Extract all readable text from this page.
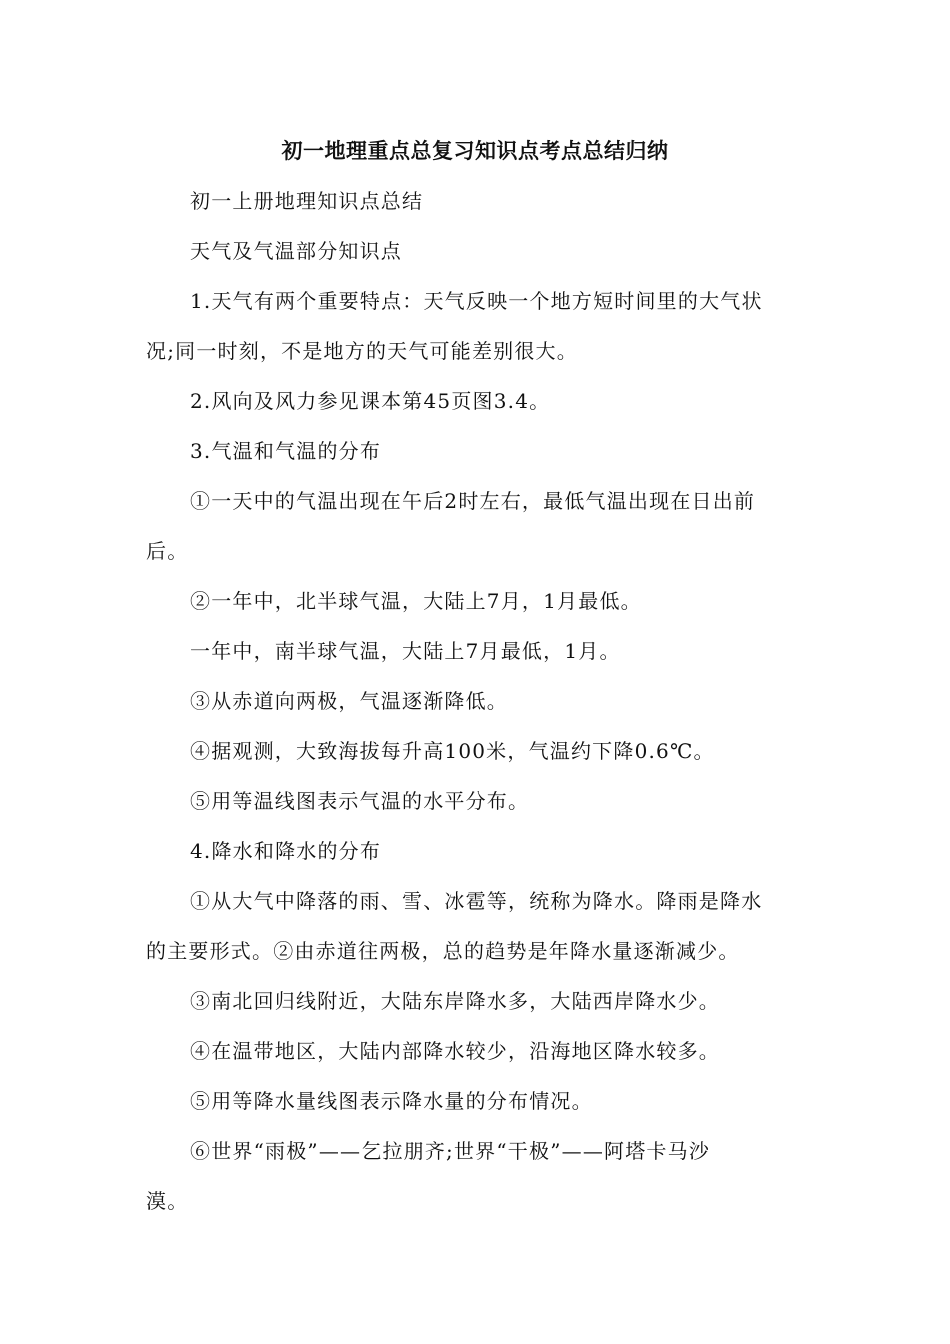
初一地理重点总复习知识点考点总结归纳
初一上册地理知识点总结
天气及气温部分知识点
1.天气有两个重要特点：天气反映一个地方短时间里的大气状
况;同一时刻，不是地方的天气可能差别很大。
2.风向及风力参见课本第45页图3.4。
3.气温和气温的分布
①一天中的气温出现在午后2时左右，最低气温出现在日出前
后。
②一年中，北半球气温，大陆上7月，1月最低。
一年中，南半球气温，大陆上7月最低，1月。
③从赤道向两极，气温逐渐降低。
④据观测，大致海拔每升高100米，气温约下降0.6℃。
⑤用等温线图表示气温的水平分布。
4.降水和降水的分布
①从大气中降落的雨、雪、冰雹等，统称为降水。降雨是降水
的主要形式。②由赤道往两极，总的趋势是年降水量逐渐减少。
③南北回归线附近，大陆东岸降水多，大陆西岸降水少。
④在温带地区，大陆内部降水较少，沿海地区降水较多。
⑤用等降水量线图表示降水量的分布情况。
⑥世界“雨极”——乞拉朋齐;世界“干极”——阿塔卡马沙
漠。
